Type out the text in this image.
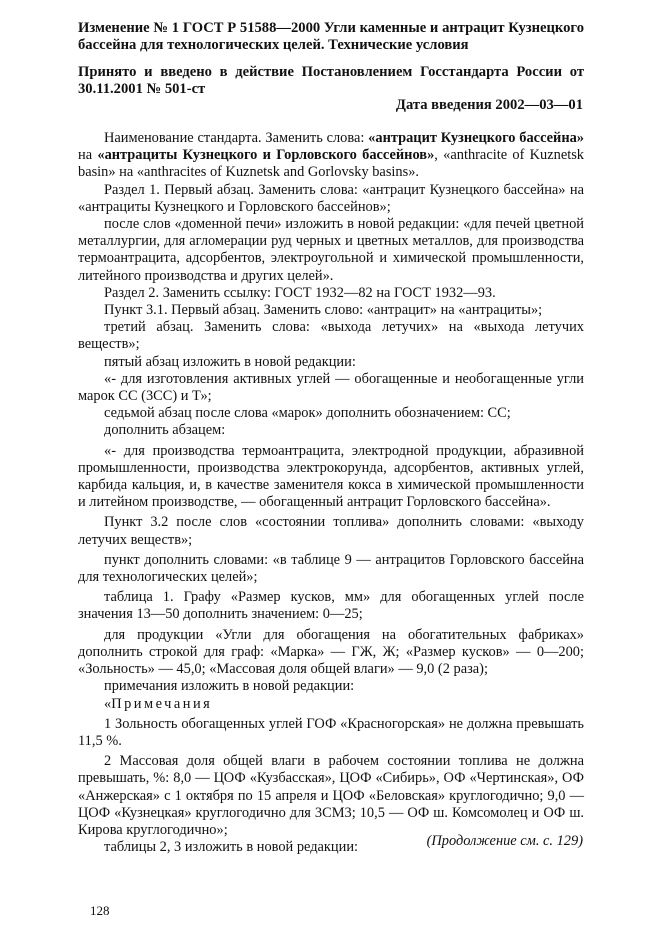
Изменение № 1 ГОСТ Р 51588—2000 Угли каменные и антрацит Кузнецкого бассейна для технологических целей. Технические условия

Принято и введено в действие Постановлением Госстандарта России от 30.11.2001 № 501-ст

Дата введения 2002—03—01

Наименование стандарта. Заменить слова: «антрацит Кузнецкого бассейна» на «антрациты Кузнецкого и Горловского бассейнов», «anthracite of Kuznetsk basin» на «anthracites of Kuznetsk and Gorlovsky basins».

Раздел 1. Первый абзац. Заменить слова: «антрацит Кузнецкого бассейна» на «антрациты Кузнецкого и Горловского бассейнов»;

после слов «доменной печи» изложить в новой редакции: «для печей цветной металлургии, для агломерации руд черных и цветных металлов, для производства термоантрацита, адсорбентов, электроугольной и химической промышленности, литейного производства и других целей».

Раздел 2. Заменить ссылку: ГОСТ 1932—82 на ГОСТ 1932—93.

Пункт 3.1. Первый абзац. Заменить слово: «антрацит» на «антрациты»;

третий абзац. Заменить слова: «выхода летучих» на «выхода летучих веществ»;

пятый абзац изложить в новой редакции:

«- для изготовления активных углей — обогащенные и необогащенные угли марок СС (3СС) и Т»;

седьмой абзац после слова «марок» дополнить обозначением: СС;

дополнить абзацем:

«- для производства термоантрацита, электродной продукции, абразивной промышленности, производства электрокорунда, адсорбентов, активных углей, карбида кальция, и, в качестве заменителя кокса в химической промышленности и литейном производстве, — обогащенный антрацит Горловского бассейна».

Пункт 3.2 после слов «состоянии топлива» дополнить словами: «выходу летучих веществ»;

пункт дополнить словами: «в таблице 9 — антрацитов Горловского бассейна для технологических целей»;

таблица 1. Графу «Размер кусков, мм» для обогащенных углей после значения 13—50 дополнить значением: 0—25;

для продукции «Угли для обогащения на обогатительных фабриках» дополнить строкой для граф: «Марка» — ГЖ, Ж; «Размер кусков» — 0—200; «Зольность» — 45,0; «Массовая доля общей влаги» — 9,0 (2 раза);

примечания изложить в новой редакции:

«Примечания

1 Зольность обогащенных углей ГОФ «Красногорская» не должна превышать 11,5 %.

2 Массовая доля общей влаги в рабочем состоянии топлива не должна превышать, %: 8,0 — ЦОФ «Кузбасская», ЦОФ «Сибирь», ОФ «Чертинская», ОФ «Анжерская» с 1 октября по 15 апреля и ЦОФ «Беловская» круглогодично; 9,0 — ЦОФ «Кузнецкая» круглогодично для 3СМ3; 10,5 — ОФ ш. Комсомолец и ОФ ш. Кирова круглогодично»;

таблицы 2, 3 изложить в новой редакции:	(Продолжение см. с. 129)
128
